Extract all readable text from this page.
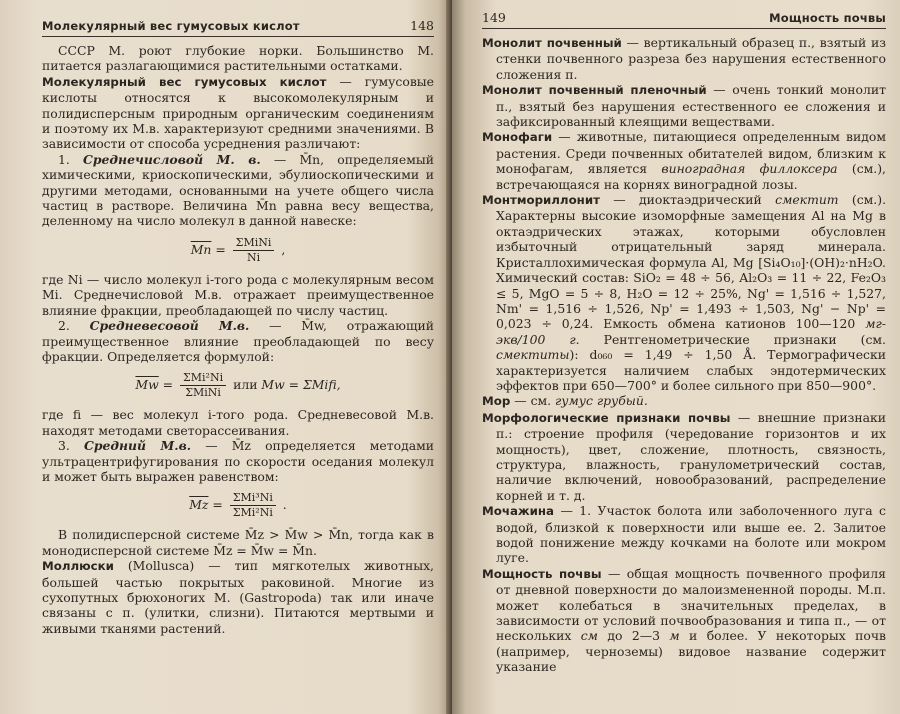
Молекулярный вес гумусовых кислот	148

СССР М. роют глубокие норки. Большинство М. питается разлагающимися растительными остатками.

Молекулярный вес гумусовых кислот — гумусовые кислоты относятся к высокомолекулярным и полидисперсным природным органическим соединениям и поэтому их М.в. характеризуют средними значениями. В зависимости от способа усреднения различают:

1. Среднечисловой М. в. — M̄n, определяемый химическими, криоскопическими, эбулиоскопическими и другими методами, основанными на учете общего числа частиц в растворе. Величина M̄n равна весу вещества, деленному на число молекул в данной навеске:

$\overline{Mn} = \frac{\text{ΣMiNi}}{Ni}$ ,

где Ni — число молекул i-того рода с молекулярным весом Mi. Среднечисловой М.в. отражает преимущественное влияние фракции, преобладающей по числу частиц.

2. Средневесовой М.в. — M̄w, отражающий преимущественное влияние преобладающей по весу фракции. Определяется формулой:

$\overline{Mw} = \frac{\text{ΣMi²Ni}}{\text{ΣMiNi}}$ или Mw = ΣMifi,

где fi — вес молекул i-того рода. Средневесовой М.в. находят методами светорассеивания.

3. Средний М.в. — M̄z определяется методами ультрацентрифугирования по скорости оседания молекул и может быть выражен равенством:

$\overline{Mz} = \frac{\text{ΣMi³Ni}}{\text{ΣMi²Ni}}$ .

В полидисперсной системе M̄z > M̄w > M̄n, тогда как в монодисперсной системе M̄z = M̄w = M̄n.

Моллюски (Mollusca) — тип мягкотелых животных, большей частью покрытых раковиной. Многие из сухопутных брюхоногих М. (Gastropoda) так или иначе связаны с п. (улитки, слизни). Питаются мертвыми и живыми тканями растений.

149	Мощность почвы

Монолит почвенный — вертикальный образец п., взятый из стенки почвенного разреза без нарушения естественного сложения п.

Монолит почвенный пленочный — очень тонкий монолит п., взятый без нарушения естественного ее сложения и зафиксированный клеящими веществами.

Монофаги — животные, питающиеся определенным видом растения. Среди почвенных обитателей видом, близким к монофагам, является виноградная филлоксера (см.), встречающаяся на корнях виноградной лозы.

Монтмориллонит — диоктаэдрический смектит (см.). Характерны высокие изоморфные замещения Al на Mg в октаэдрических этажах, которыми обусловлен избыточный отрицательный заряд минерала. Кристаллохимическая формула Al, Mg [Si₄O₁₀]·(OH)₂·nH₂O. Химический состав: SiO₂ = 48 ÷ 56, Al₂O₃ = 11 ÷ 22, Fe₂O₃ ≤ 5, MgO = 5 ÷ 8, H₂O = 12 ÷ 25%, Ng' = 1,516 ÷ 1,527, Nm' = 1,516 ÷ 1,526, Np' = 1,493 ÷ 1,503, Ng' − Np' = 0,023 ÷ 0,24. Емкость обмена катионов 100—120 мг-экв/100 г. Рентгенометрические признаки (см. смектиты): d₀₆₀ = 1,49 ÷ 1,50 Å. Термографически характеризуется наличием слабых эндотермических эффектов при 650—700° и более сильного при 850—900°.

Мор — см. гумус грубый.

Морфологические признаки почвы — внешние признаки п.: строение профиля (чередование горизонтов и их мощность), цвет, сложение, плотность, связность, структура, влажность, гранулометрический состав, наличие включений, новообразований, распределение корней и т. д.

Мочажина — 1. Участок болота или заболоченного луга с водой, близкой к поверхности или выше ее. 2. Залитое водой понижение между кочками на болоте или мокром луге.

Мощность почвы — общая мощность почвенного профиля от дневной поверхности до малоизмененной породы. М.п. может колебаться в значительных пределах, в зависимости от условий почвообразования и типа п., — от нескольких см до 2—3 м и более. У некоторых почв (например, черноземы) видовое название содержит указание
